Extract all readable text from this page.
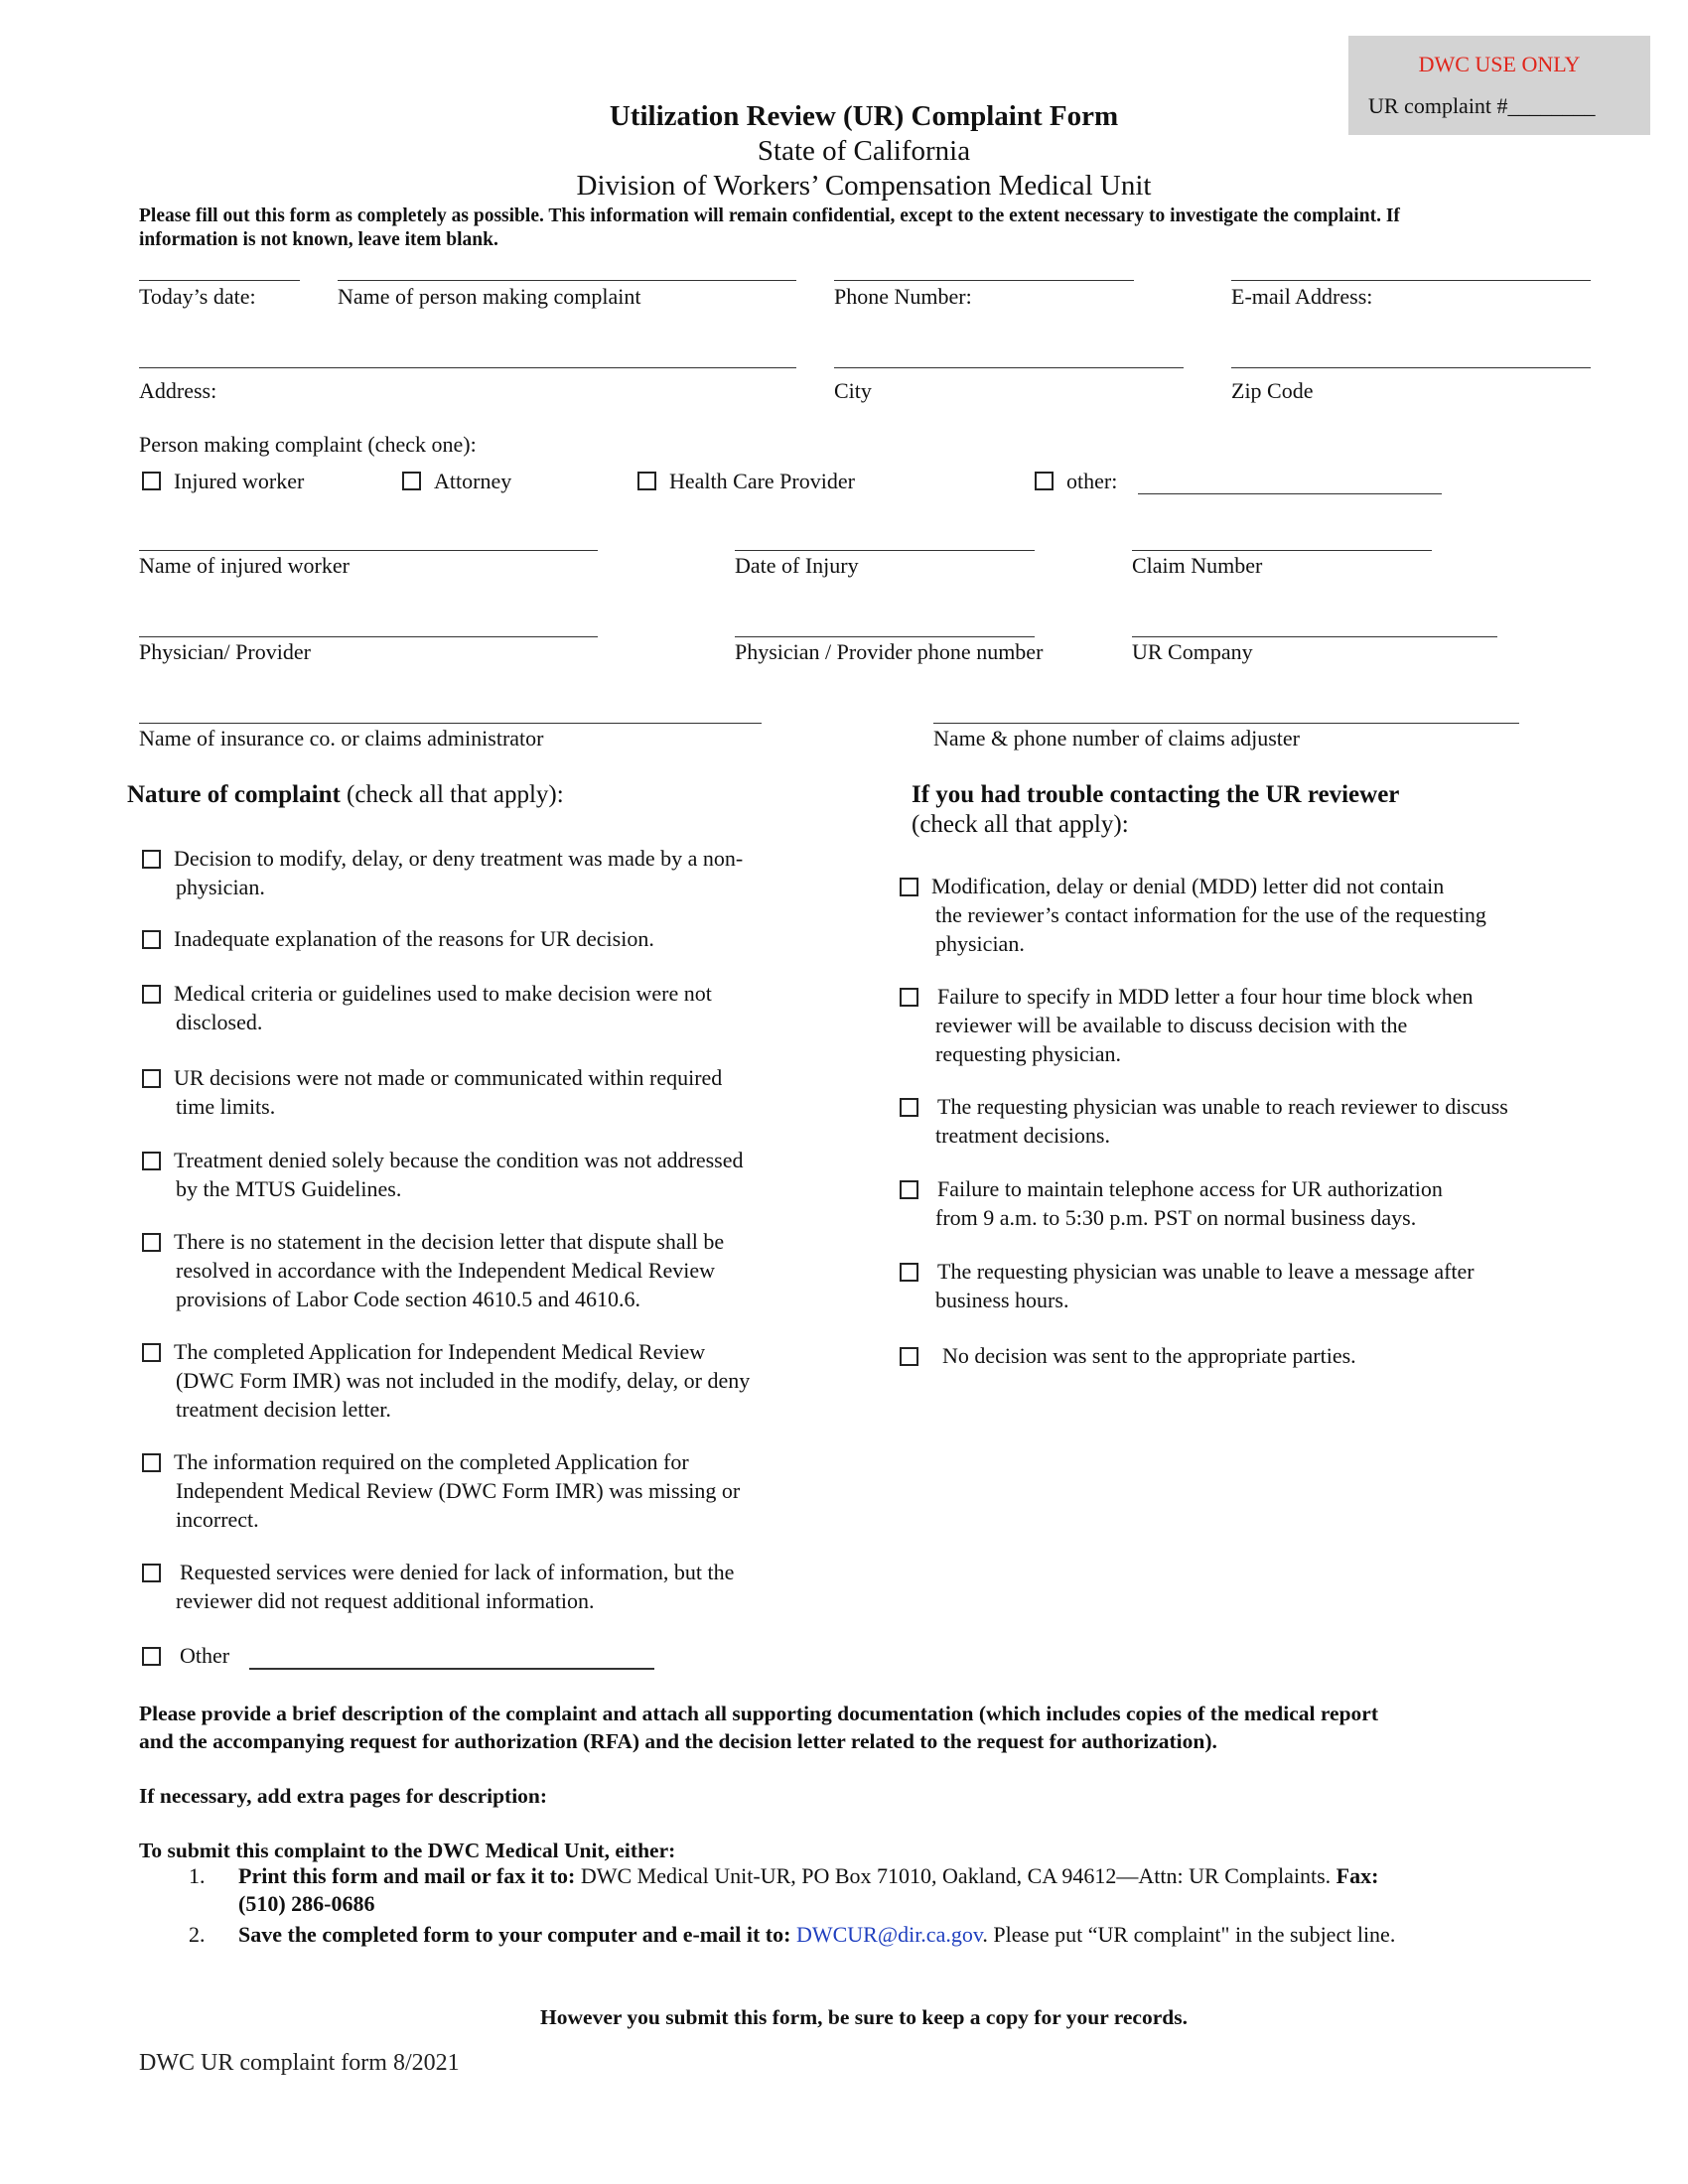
DWC USE ONLY
UR complaint #________
Utilization Review (UR) Complaint Form
State of California
Division of Workers’ Compensation Medical Unit
Please fill out this form as completely as possible. This information will remain confidential, except to the extent necessary to investigate the complaint. If
information is not known, leave item blank.
Today’s date:	Name of person making complaint	Phone Number:	E-mail Address:
Address:	City	Zip Code
Person making complaint (check one):
Injured worker	Attorney	Health Care Provider	other:
Name of injured worker	Date of Injury	Claim Number
Physician/ Provider	Physician / Provider phone number	UR Company
Name of insurance co. or claims administrator	Name & phone number of claims adjuster
Nature of complaint (check all that apply):	If you had trouble contacting the UR reviewer
(check all that apply):
Decision to modify, delay, or deny treatment was made by a non-
physician.
Inadequate explanation of the reasons for UR decision.
Medical criteria or guidelines used to make decision were not
disclosed.
UR decisions were not made or communicated within required
time limits.
Treatment denied solely because the condition was not addressed
by the MTUS Guidelines.
There is no statement in the decision letter that dispute shall be
resolved in accordance with the Independent Medical Review
provisions of Labor Code section 4610.5 and 4610.6.
The completed Application for Independent Medical Review
(DWC Form IMR) was not included in the modify, delay, or deny
treatment decision letter.
The information required on the completed Application for
Independent Medical Review (DWC Form IMR) was missing or
incorrect.
Requested services were denied for lack of information, but the
reviewer did not request additional information.
Other
Modification, delay or denial (MDD) letter did not contain
the reviewer’s contact information for the use of the requesting
physician.
Failure to specify in MDD letter a four hour time block when
reviewer will be available to discuss decision with the
requesting physician.
The requesting physician was unable to reach reviewer to discuss
treatment decisions.
Failure to maintain telephone access for UR authorization
from 9 a.m. to 5:30 p.m. PST on normal business days.
The requesting physician was unable to leave a message after
business hours.
No decision was sent to the appropriate parties.
Please provide a brief description of the complaint and attach all supporting documentation (which includes copies of the medical report
and the accompanying request for authorization (RFA) and the decision letter related to the request for authorization).
If necessary, add extra pages for description:
To submit this complaint to the DWC Medical Unit, either:
1. Print this form and mail or fax it to: DWC Medical Unit-UR, PO Box 71010, Oakland, CA 94612—Attn: UR Complaints. Fax:
(510) 286-0686
2. Save the completed form to your computer and e-mail it to: DWCUR@dir.ca.gov. Please put “UR complaint" in the subject line.
However you submit this form, be sure to keep a copy for your records.
DWC UR complaint form 8/2021
